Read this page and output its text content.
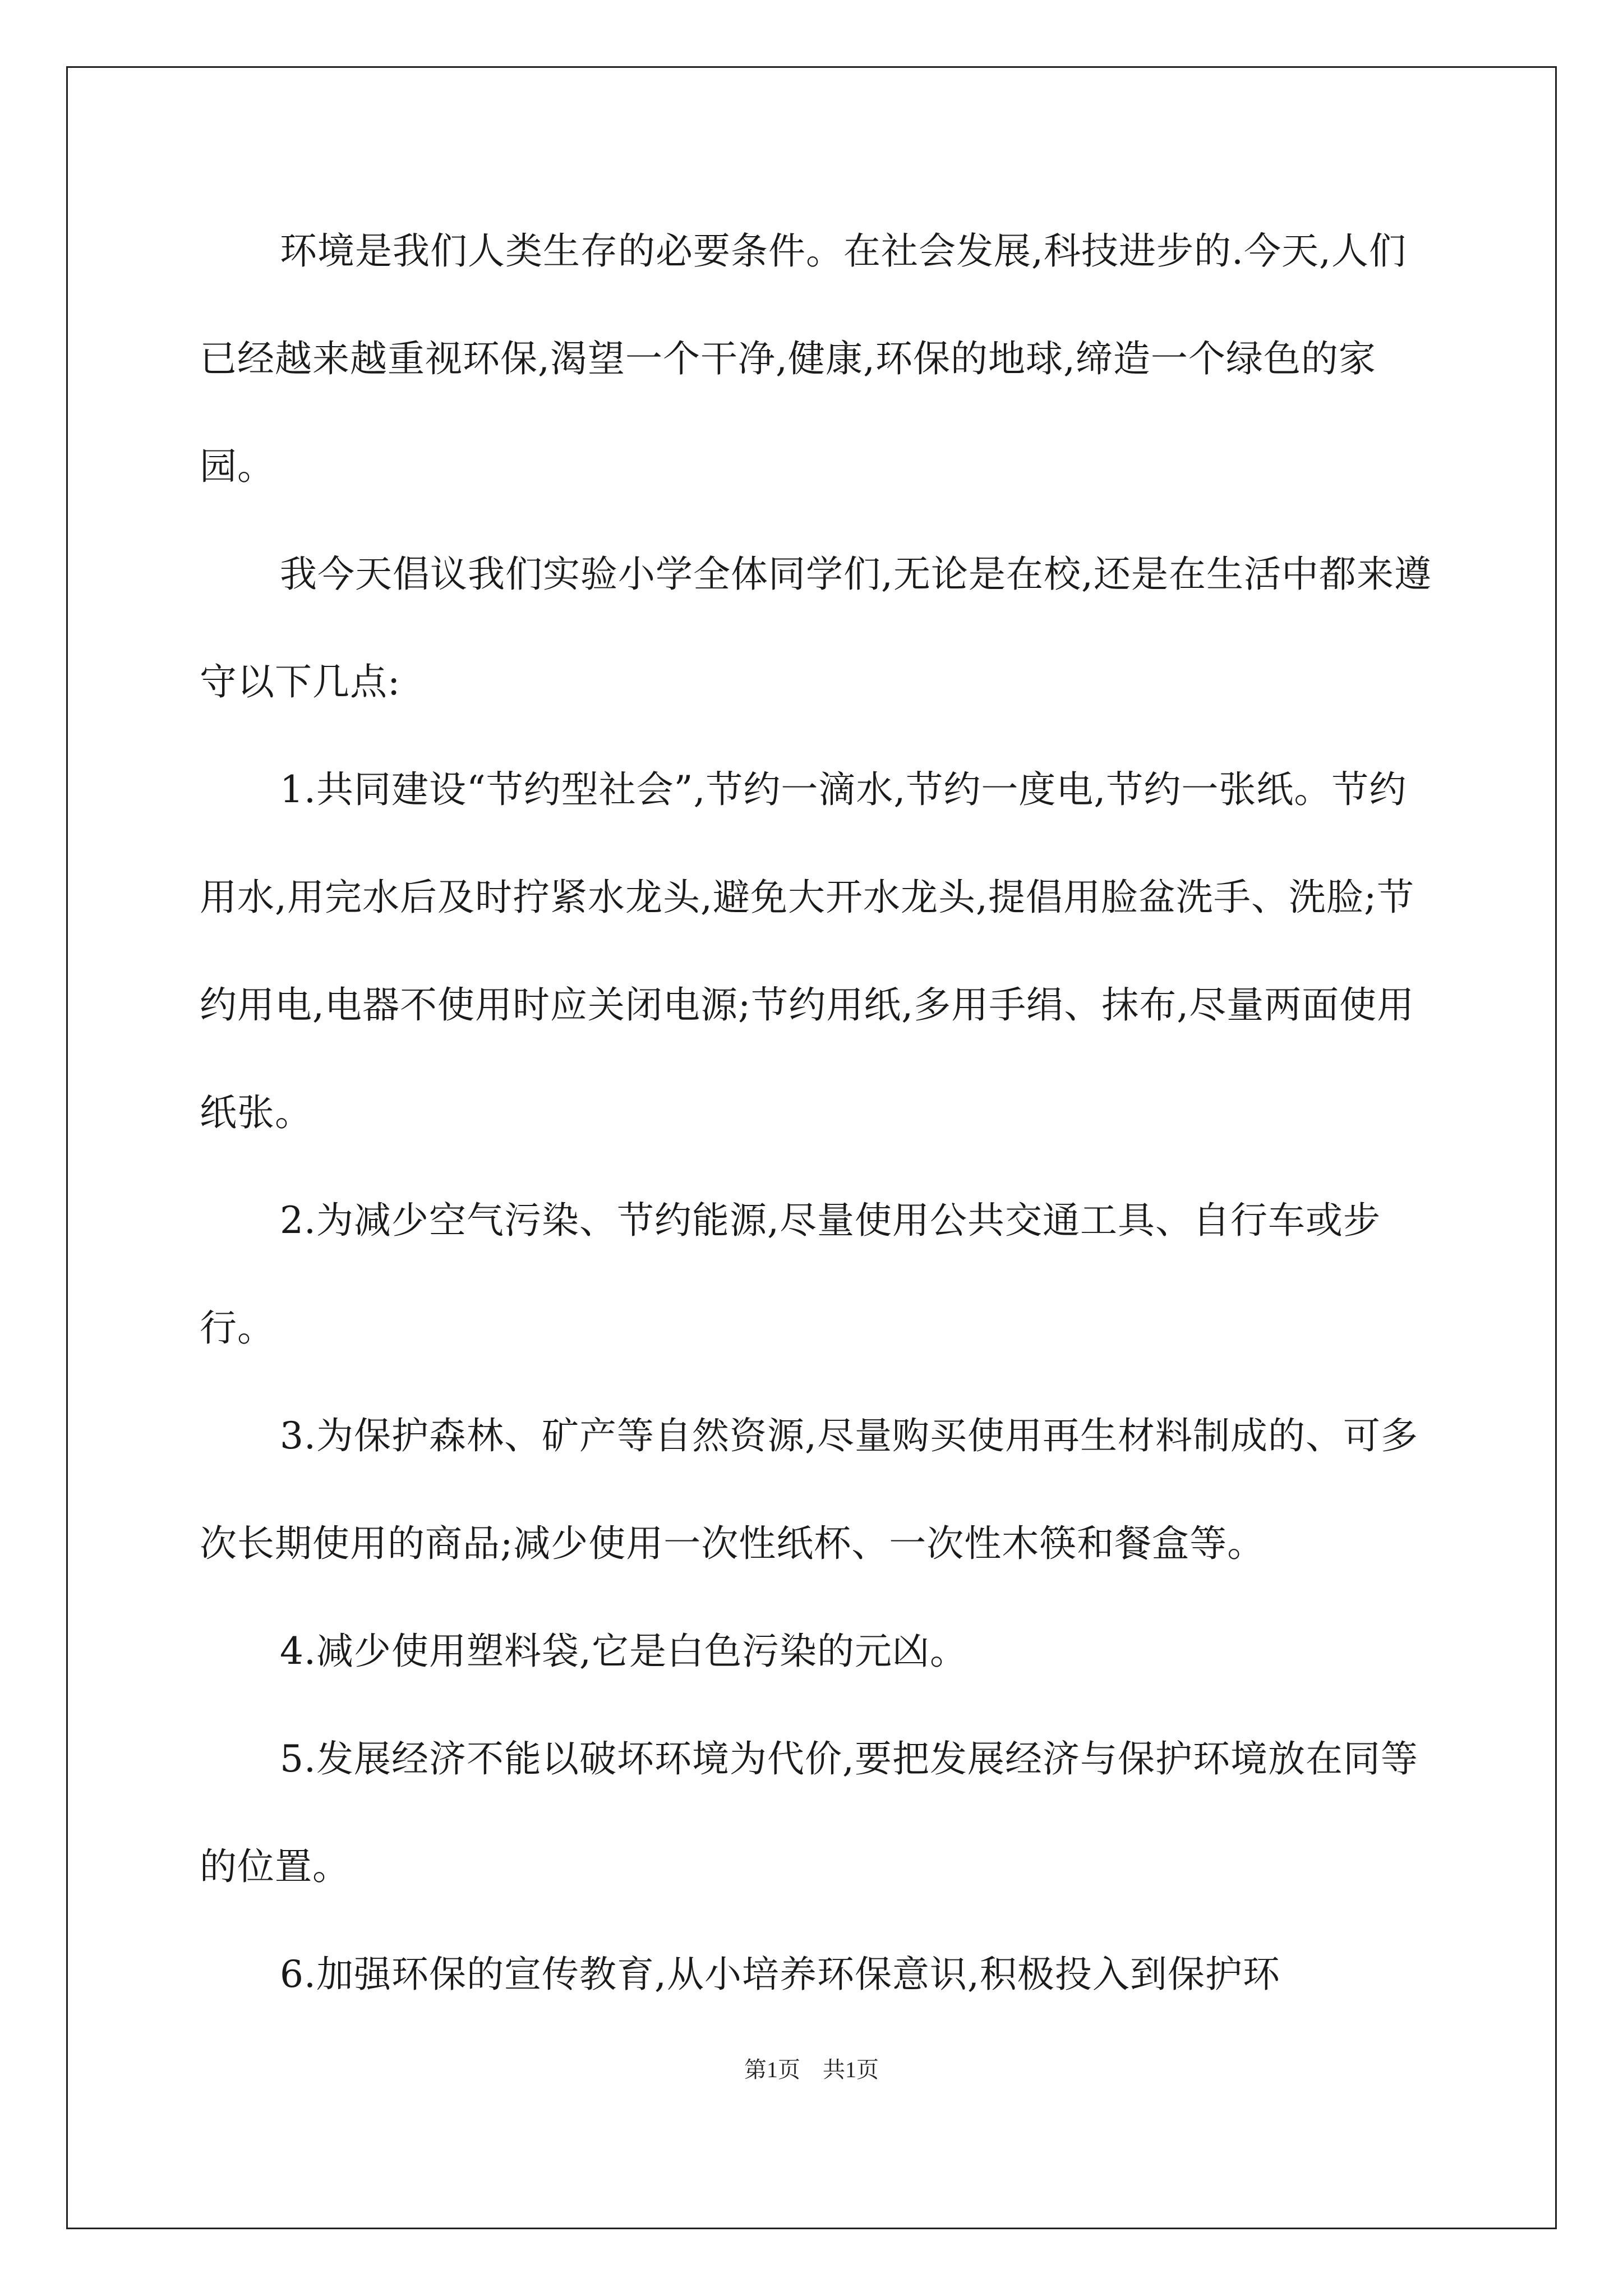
环境是我们人类生存的必要条件。在社会发展,科技进步的.今天,人们已经越来越重视环保,渴望一个干净,健康,环保的地球,缔造一个绿色的家园。

我今天倡议我们实验小学全体同学们,无论是在校,还是在生活中都来遵守以下几点:

1.共同建设“节约型社会”,节约一滴水,节约一度电,节约一张纸。节约用水,用完水后及时拧紧水龙头,避免大开水龙头,提倡用脸盆洗手、洗脸;节约用电,电器不使用时应关闭电源;节约用纸,多用手绢、抹布,尽量两面使用纸张。

2.为减少空气污染、节约能源,尽量使用公共交通工具、自行车或步行。

3.为保护森林、矿产等自然资源,尽量购买使用再生材料制成的、可多次长期使用的商品;减少使用一次性纸杯、一次性木筷和餐盒等。

4.减少使用塑料袋,它是白色污染的元凶。

5.发展经济不能以破坏环境为代价,要把发展经济与保护环境放在同等的位置。

6.加强环保的宣传教育,从小培养环保意识,积极投入到保护环

第1页　共1页
